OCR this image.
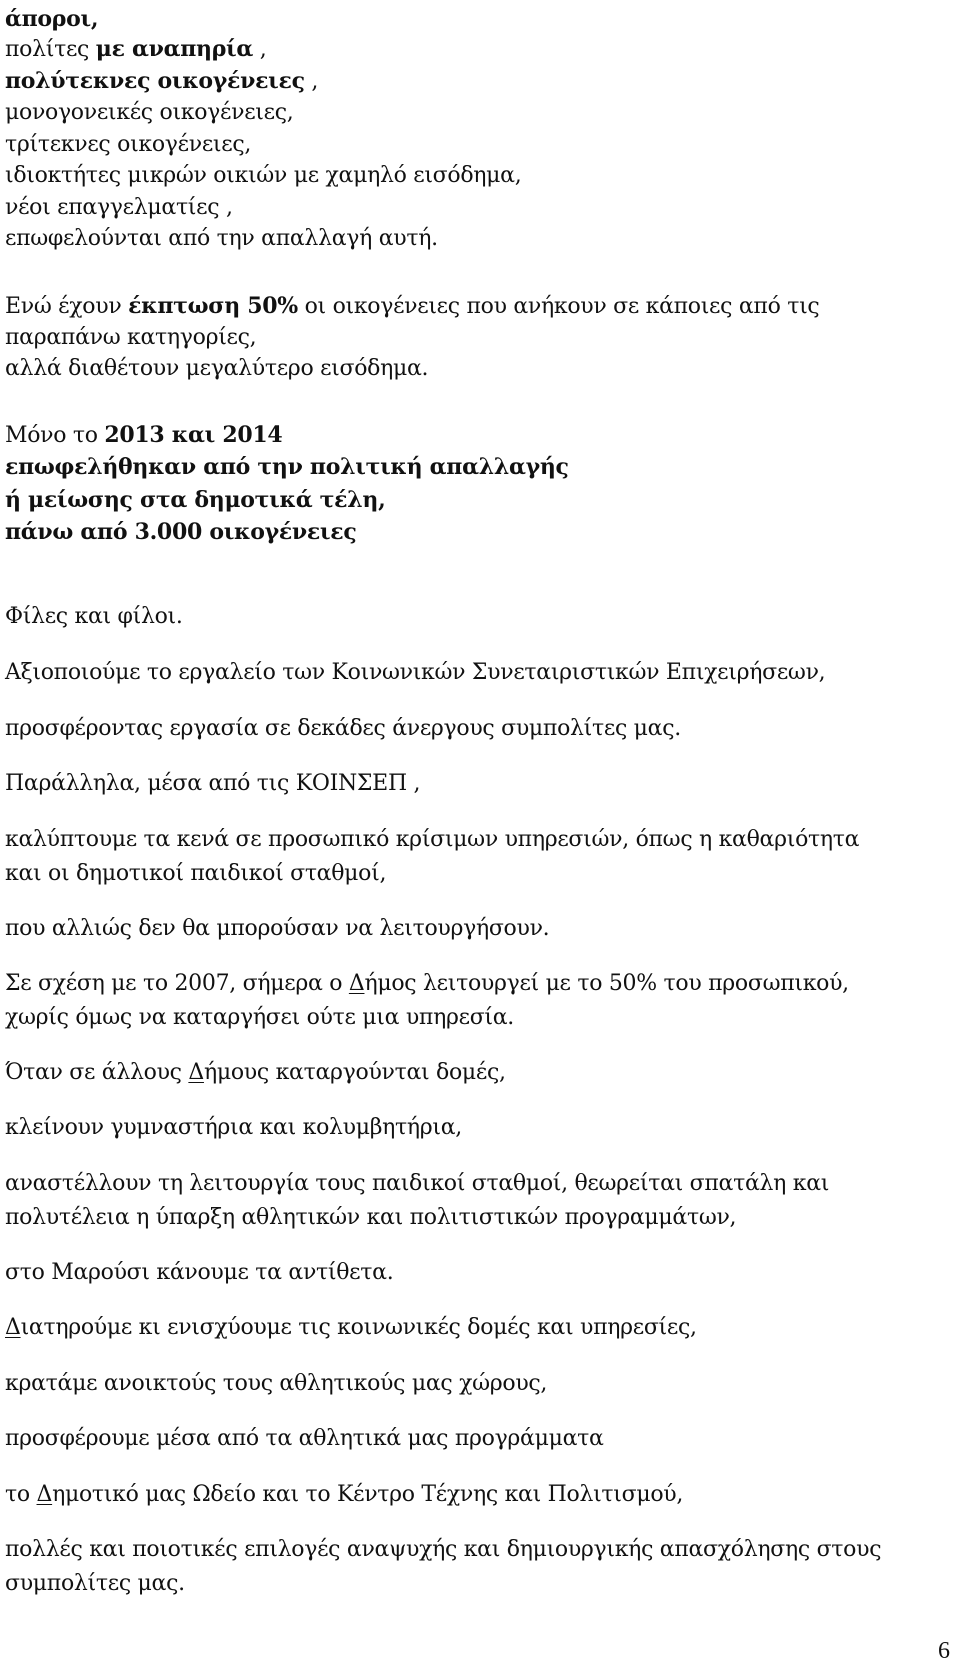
άποροι,
πολίτες με αναπηρία ,
πολύτεκνες οικογένειες ,
μονογονεικές οικογένειες,
τρίτεκνες οικογένειες,
ιδιοκτήτες μικρών οικιών με χαμηλό εισόδημα,
νέοι επαγγελματίες ,
επωφελούνται από την απαλλαγή αυτή.
Ενώ έχουν έκπτωση 50% οι οικογένειες που ανήκουν σε κάποιες από τις
παραπάνω κατηγορίες,
αλλά διαθέτουν μεγαλύτερο εισόδημα.
Μόνο το 2013 και 2014
επωφελήθηκαν από την πολιτική απαλλαγής
ή μείωσης στα δημοτικά τέλη,
πάνω από 3.000 οικογένειες
Φίλες και φίλοι.
Αξιοποιούμε το εργαλείο των Κοινωνικών Συνεταιριστικών Επιχειρήσεων,
προσφέροντας εργασία σε δεκάδες άνεργους συμπολίτες μας.
Παράλληλα, μέσα από τις ΚΟΙΝΣΕΠ ,
καλύπτουμε τα κενά σε προσωπικό κρίσιμων υπηρεσιών, όπως η καθαριότητα
και οι δημοτικοί παιδικοί σταθμοί,
που αλλιώς δεν θα μπορούσαν να λειτουργήσουν.
Σε σχέση με το 2007, σήμερα ο Δήμος λειτουργεί με το 50% του προσωπικού,
χωρίς όμως να καταργήσει ούτε μια υπηρεσία.
Όταν σε άλλους Δήμους καταργούνται δομές,
κλείνουν γυμναστήρια και κολυμβητήρια,
αναστέλλουν τη λειτουργία τους παιδικοί σταθμοί, θεωρείται σπατάλη και
πολυτέλεια η ύπαρξη αθλητικών και πολιτιστικών προγραμμάτων,
στο Μαρούσι κάνουμε τα αντίθετα.
Διατηρούμε κι ενισχύουμε τις κοινωνικές δομές και υπηρεσίες,
κρατάμε ανοικτούς τους αθλητικούς μας χώρους,
προσφέρουμε μέσα από τα αθλητικά μας προγράμματα
το Δημοτικό μας Ωδείο και το Κέντρο Τέχνης και Πολιτισμού,
πολλές και ποιοτικές επιλογές αναψυχής και δημιουργικής απασχόλησης στους
συμπολίτες μας.
6
